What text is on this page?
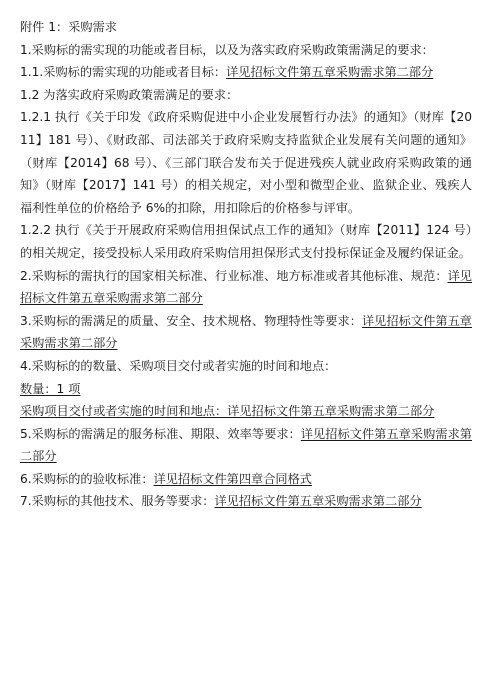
附件 1：采购需求

1.采购标的需实现的功能或者目标，以及为落实政府采购政策需满足的要求：

1.1.采购标的需实现的功能或者目标：详见招标文件第五章采购需求第二部分

1.2 为落实政府采购政策需满足的要求：

1.2.1 执行《关于印发《政府采购促进中小企业发展暂行办法》的通知》（财库【2011】181 号）、《财政部、司法部关于政府采购支持监狱企业发展有关问题的通知》（财库【2014】68 号）、《三部门联合发布关于促进残疾人就业政府采购政策的通知》（财库【2017】141 号）的相关规定，对小型和微型企业、监狱企业、残疾人福利性单位的价格给予 6%的扣除，用扣除后的价格参与评审。

1.2.2 执行《关于开展政府采购信用担保试点工作的通知》（财库【2011】124 号）的相关规定，接受投标人采用政府采购信用担保形式支付投标保证金及履约保证金。

2.采购标的需执行的国家相关标准、行业标准、地方标准或者其他标准、规范：详见招标文件第五章采购需求第二部分

3.采购标的需满足的质量、安全、技术规格、物理特性等要求：详见招标文件第五章采购需求第二部分

4.采购标的的数量、采购项目交付或者实施的时间和地点：

数量：1 项

采购项目交付或者实施的时间和地点：详见招标文件第五章采购需求第二部分

5.采购标的需满足的服务标准、期限、效率等要求：详见招标文件第五章采购需求第二部分

6.采购标的的验收标准：详见招标文件第四章合同格式

7.采购标的其他技术、服务等要求：详见招标文件第五章采购需求第二部分
